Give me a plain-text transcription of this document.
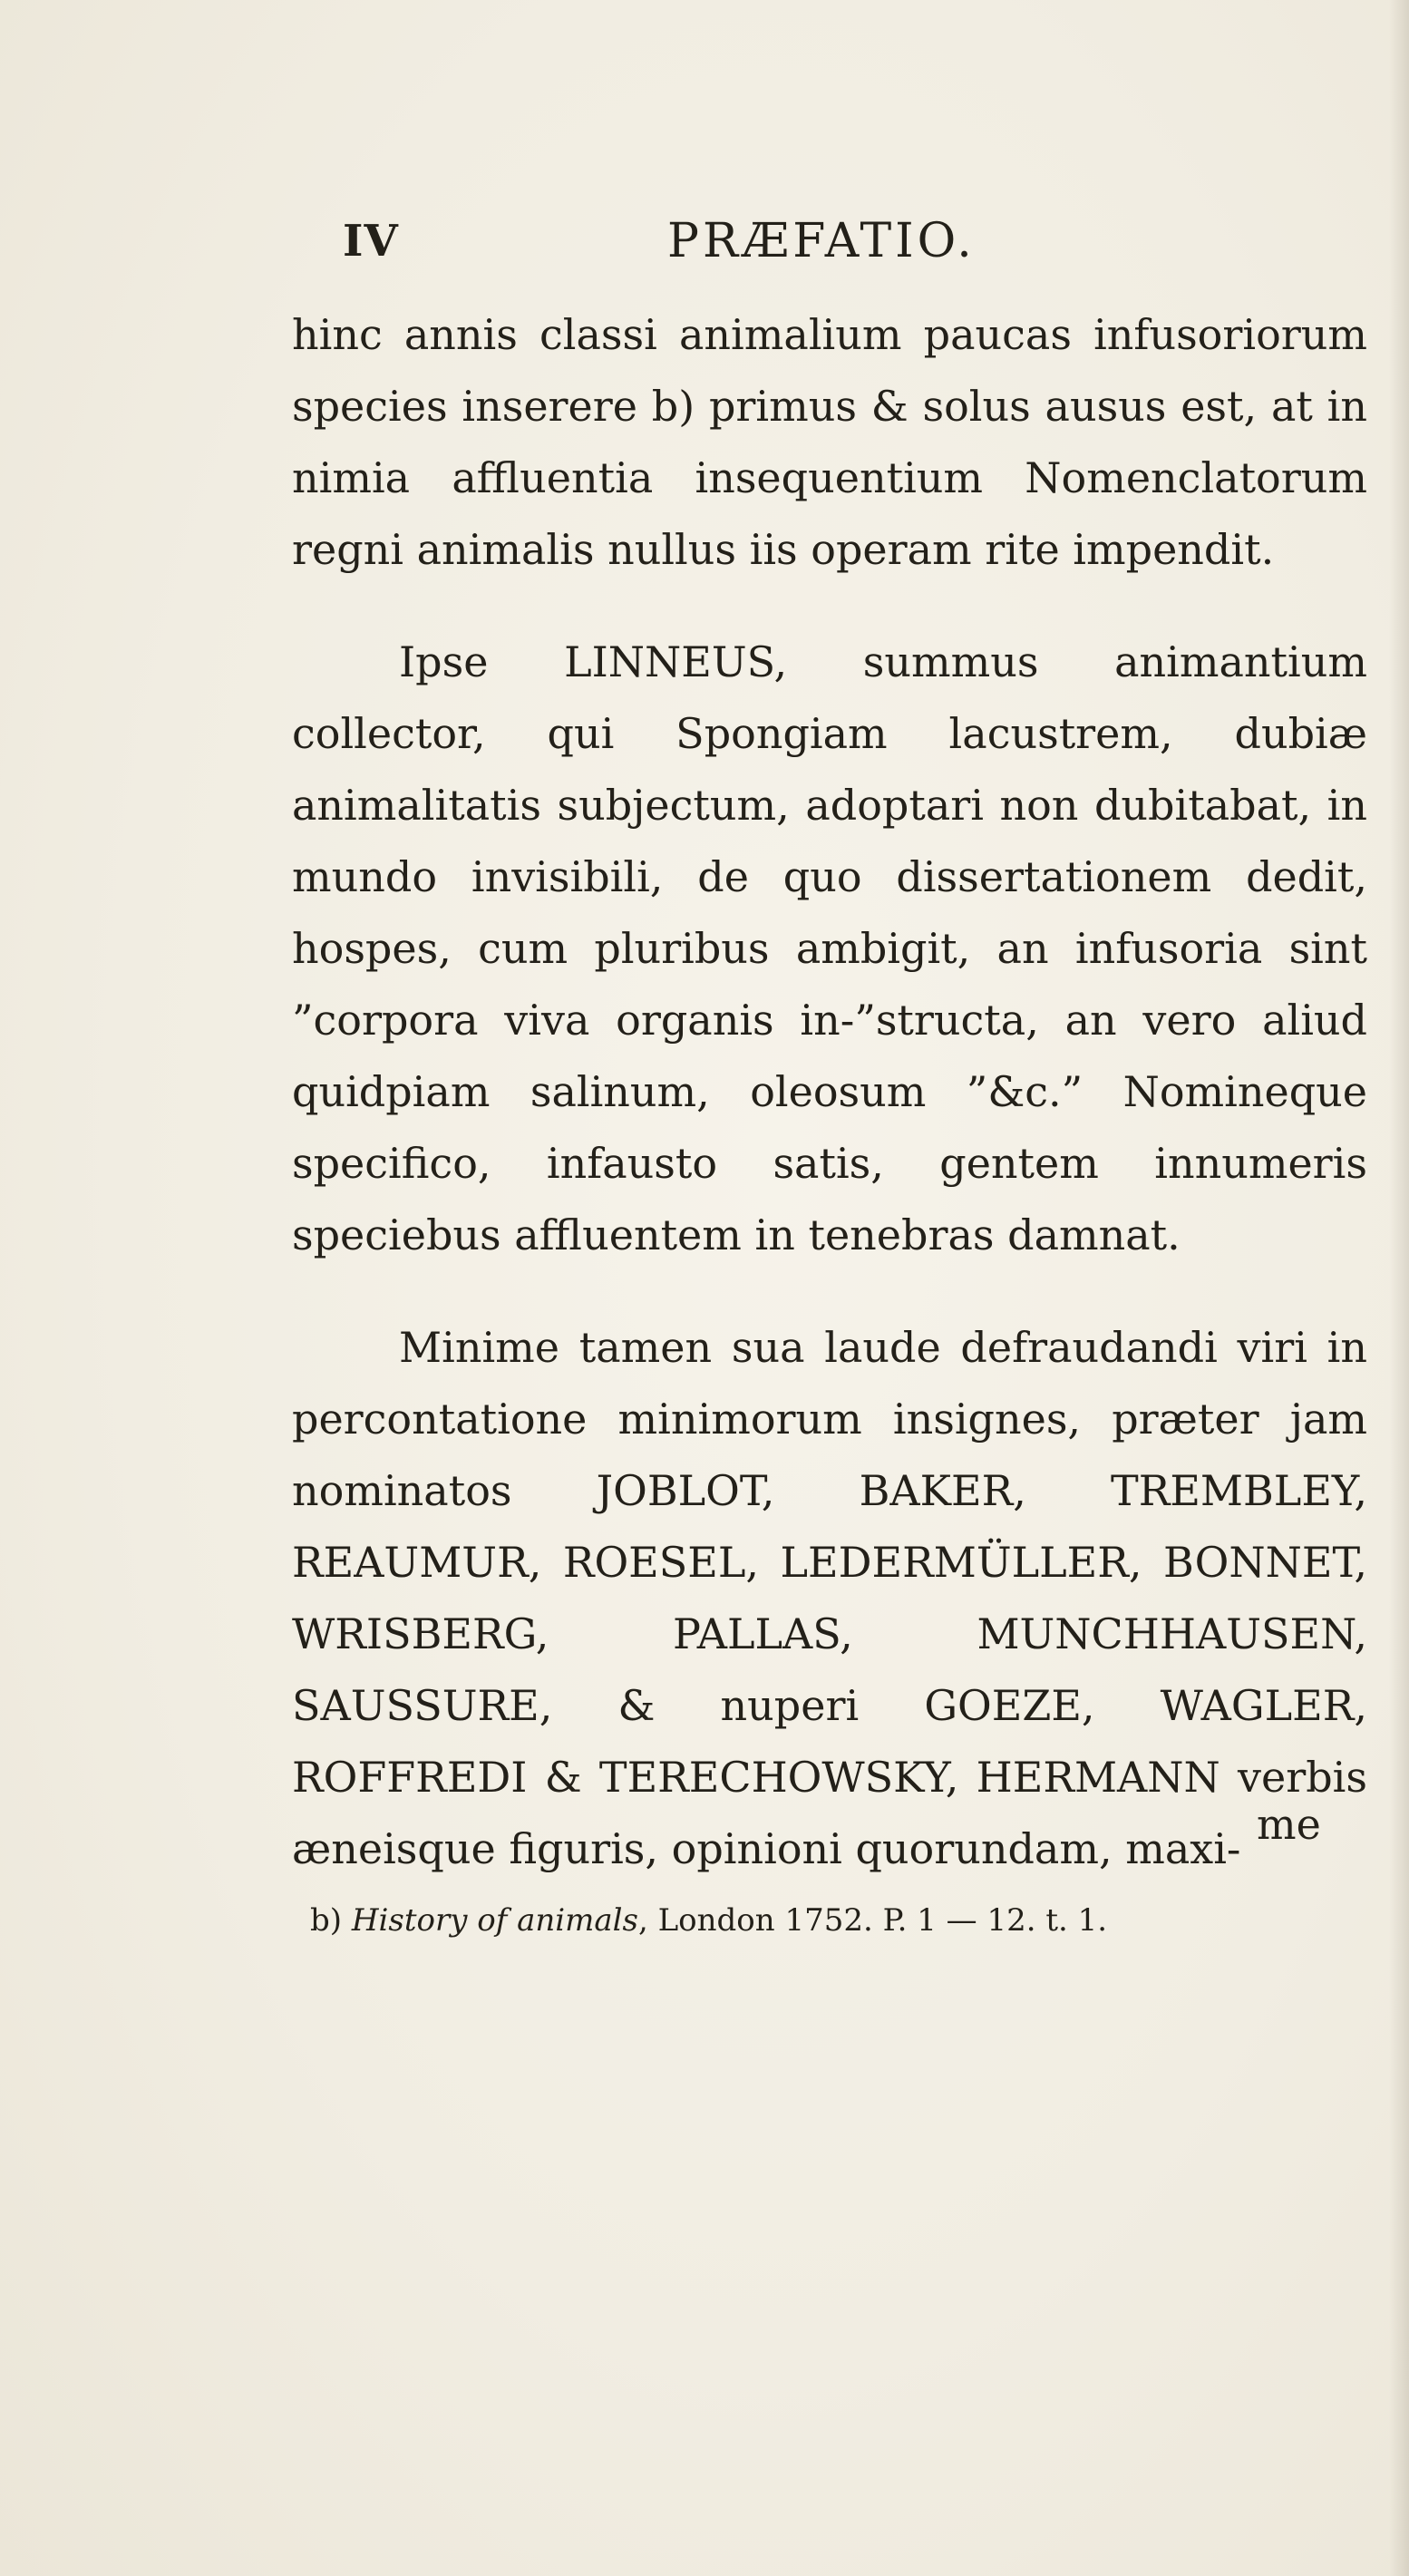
IV	PRÆFATIO.

hinc annis classi animalium paucas infusoriorum species inserere b) primus & solus ausus est, at in nimia affluentia insequentium Nomenclatorum regni animalis nullus iis operam rite impendit.

Ipse LINNEUS, summus animantium collector, qui Spongiam lacustrem, dubiæ animalitatis subjectum, adoptari non dubitabat, in mundo invisibili, de quo dissertationem dedit, hospes, cum pluribus ambigit, an infusoria sint ”corpora viva organis in-”structa, an vero aliud quidpiam salinum, oleosum ”&c.” Nomineque specifico, infausto satis, gentem innumeris speciebus affluentem in tenebras damnat.

Minime tamen sua laude defraudandi viri in percontatione minimorum insignes, præter jam nominatos JOBLOT, BAKER, TREMBLEY, REAUMUR, ROESEL, LEDERMÜLLER, BONNET, WRISBERG, PALLAS, MUNCHHAUSEN, SAUSSURE, & nuperi GOEZE, WAGLER, ROFFREDI & TERECHOWSKY, HERMANN verbis æneisque figuris, opinioni quorundam, maxi- me
b) History of animals, London 1752. P. 1 — 12. t. 1.
